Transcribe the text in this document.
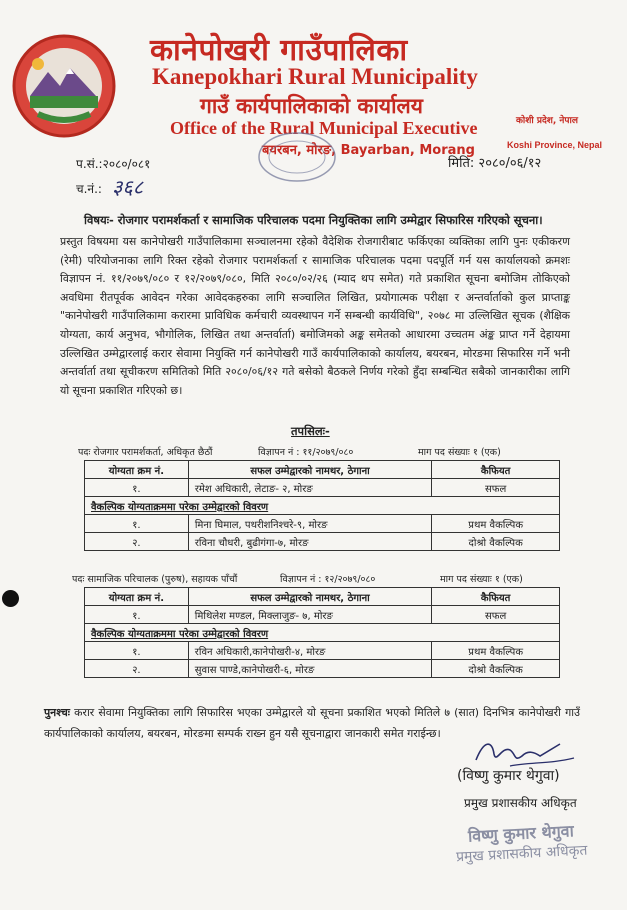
कानेपोखरी गाउँपालिका
Kanepokhari Rural Municipality
गाउँ कार्यपालिकाको कार्यालय
Office of the Rural Municipal Executive
बयरबन, मोरङ, Bayarban, Morang
कोशी प्रदेश, नेपाल
Koshi Province, Nepal
प.सं.:२०८०/०८१
च.नं.: ३६८
मिति: २०८०/०६/१२
विषयः- रोजगार परामर्शकर्ता र सामाजिक परिचालक पदमा नियुक्तिका लागि उम्मेद्वार सिफारिस गरिएको सूचना।
प्रस्तुत विषयमा यस कानेपोखरी गाउँपालिकामा सञ्चालनमा रहेको वैदेशिक रोजगारीबाट फर्किएका व्यक्तिका लागि पुनः एकीकरण (रेमी) परियोजनाका लागि रिक्त रहेको रोजगार परामर्शकर्ता र सामाजिक परिचालक पदमा पदपूर्ति गर्न यस कार्यालयको क्रमशः विज्ञापन नं. ११/२०७९/०८० र १२/२०७९/०८०, मिति २०८०/०२/२६ (म्याद थप समेत) गते प्रकाशित सूचना बमोजिम तोकिएको अवधिमा रीतपूर्वक आवेदन गरेका आवेदकहरुका लागि सञ्चालित लिखित, प्रयोगात्मक परीक्षा र अन्तर्वार्ताको कुल प्राप्ताङ्क "कानेपोखरी गाउँपालिकामा करारमा प्राविधिक कर्मचारी व्यवस्थापन गर्ने सम्बन्धी कार्यविधि", २०७८ मा उल्लिखित सूचक (शैक्षिक योग्यता, कार्य अनुभव, भौगोलिक, लिखित तथा अन्तर्वार्ता) बमोजिमको अङ्क समेतको आधारमा उच्चतम अंङ्क प्राप्त गर्ने देहायमा उल्लिखित उम्मेद्वारलाई करार सेवामा नियुक्ति गर्न कानेपोखरी गाउँ कार्यपालिकाको कार्यालय, बयरबन, मोरङमा सिफारिस गर्ने भनी अन्तर्वार्ता तथा सूचीकरण समितिको मिति २०८०/०६/१२ गते बसेको बैठकले निर्णय गरेको हुँदा सम्बन्धित सबैको जानकारीका लागि यो सूचना प्रकाशित गरिएको छ।
तपसिलः-
पदः रोजगार परामर्शकर्ता, अधिकृत छैठौं	विज्ञापन नं : ११/२०७९/०८०	माग पद संख्याः १ (एक)
योग्यता क्रम नं.	सफल उम्मेद्वारको नामथर, ठेगाना	कैफियत
१.	रमेश अधिकारी, लेटाङ- २, मोरङ	सफल
वैकल्पिक योग्यताक्रममा परेका उम्मेद्वारको विवरण		
१.	मिना घिमाल, पथरीशनिश्चरे-९, मोरङ	प्रथम वैकल्पिक
२.	रविना चौधरी, बुढीगंगा-७, मोरङ	दोश्रो वैकल्पिक
पदः सामाजिक परिचालक (पुरुष), सहायक पाँचौं	विज्ञापन नं : १२/२०७९/०८०	माग पद संख्याः १ (एक)
योग्यता क्रम नं.	सफल उम्मेद्वारको नामथर, ठेगाना	कैफियत
१.	मिथिलेश मण्डल, मिक्लाजुङ- ७, मोरङ	सफल
वैकल्पिक योग्यताक्रममा परेका उम्मेद्वारको विवरण		
१.	रविन अधिकारी,कानेपोखरी-४, मोरङ	प्रथम वैकल्पिक
२.	सुवास पाण्डे,कानेपोखरी-६, मोरङ	दोश्रो वैकल्पिक
पुनश्चः करार सेवामा नियुक्तिका लागि सिफारिस भएका उम्मेद्वारले यो सूचना प्रकाशित भएको मितिले ७ (सात) दिनभित्र कानेपोखरी गाउँ कार्यपालिकाको कार्यालय, बयरबन, मोरङमा सम्पर्क राख्न हुन यसै सूचनाद्वारा जानकारी समेत गराईन्छ।
(विष्णु कुमार थेगुवा)
प्रमुख प्रशासकीय अधिकृत
विष्णु कुमार थेगुवा
प्रमुख प्रशासकीय अधिकृत
